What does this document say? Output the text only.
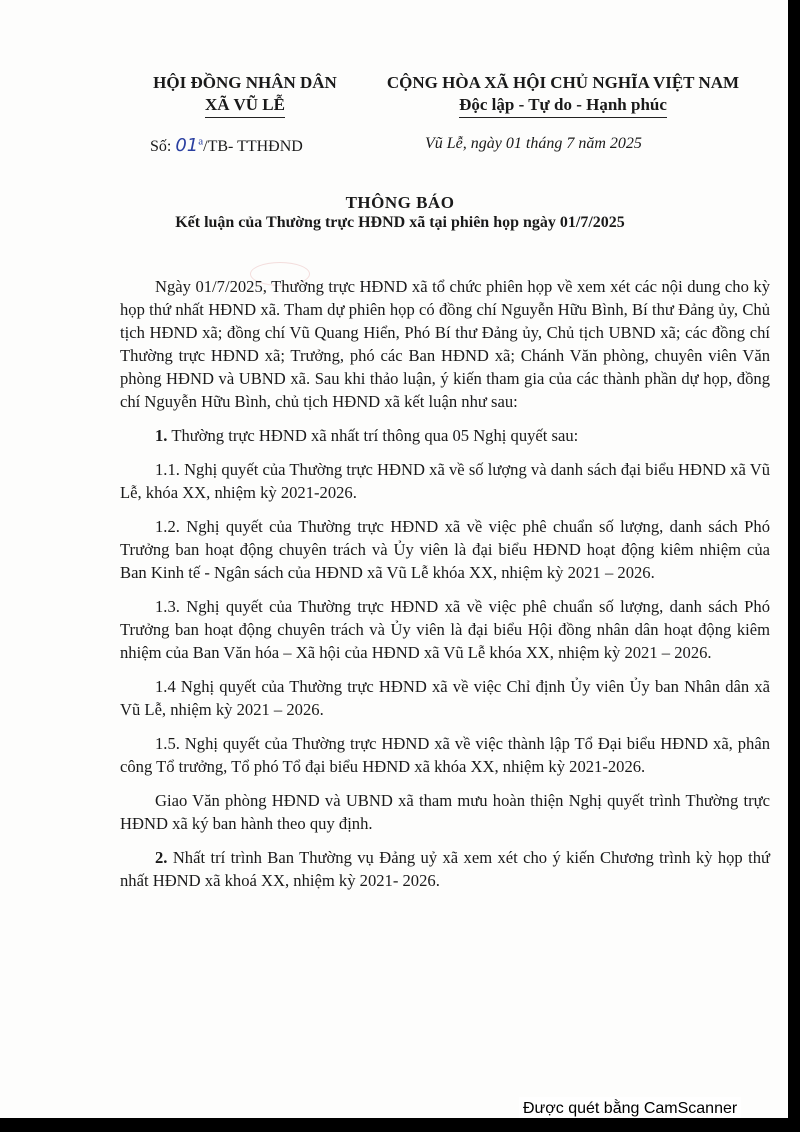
HỘI ĐỒNG NHÂN DÂN
XÃ VŨ LỄ
CỘNG HÒA XÃ HỘI CHỦ NGHĨA VIỆT NAM
Độc lập - Tự do - Hạnh phúc
Số: 01$^a$/TB- TTHĐND	Vũ Lễ, ngày 01 tháng 7 năm 2025
THÔNG BÁO
Kết luận của Thường trực HĐND xã tại phiên họp ngày 01/7/2025

Ngày 01/7/2025, Thường trực HĐND xã tổ chức phiên họp về xem xét các nội dung cho kỳ họp thứ nhất HĐND xã. Tham dự phiên họp có đồng chí Nguyễn Hữu Bình, Bí thư Đảng ủy, Chủ tịch HĐND xã; đồng chí Vũ Quang Hiển, Phó Bí thư Đảng ủy, Chủ tịch UBND xã; các đồng chí Thường trực HĐND xã; Trưởng, phó các Ban HĐND xã; Chánh Văn phòng, chuyên viên Văn phòng HĐND và UBND xã. Sau khi thảo luận, ý kiến tham gia của các thành phần dự họp, đồng chí Nguyễn Hữu Bình, chủ tịch HĐND xã kết luận như sau:

1. Thường trực HĐND xã nhất trí thông qua 05 Nghị quyết sau:

1.1. Nghị quyết của Thường trực HĐND xã về số lượng và danh sách đại biểu HĐND xã Vũ Lễ, khóa XX, nhiệm kỳ 2021-2026.

1.2. Nghị quyết của Thường trực HĐND xã về việc phê chuẩn số lượng, danh sách Phó Trưởng ban hoạt động chuyên trách và Ủy viên là đại biểu HĐND hoạt động kiêm nhiệm của Ban Kinh tế - Ngân sách của HĐND xã Vũ Lễ khóa XX, nhiệm kỳ 2021 – 2026.

1.3. Nghị quyết của Thường trực HĐND xã về việc phê chuẩn số lượng, danh sách Phó Trưởng ban hoạt động chuyên trách và Ủy viên là đại biểu Hội đồng nhân dân hoạt động kiêm nhiệm của Ban Văn hóa – Xã hội của HĐND xã Vũ Lễ khóa XX, nhiệm kỳ 2021 – 2026.

1.4 Nghị quyết của Thường trực HĐND xã về việc Chỉ định Ủy viên Ủy ban Nhân dân xã Vũ Lễ, nhiệm kỳ 2021 – 2026.

1.5. Nghị quyết của Thường trực HĐND xã về việc thành lập Tổ Đại biểu HĐND xã, phân công Tổ trưởng, Tổ phó Tổ đại biểu HĐND xã khóa XX, nhiệm kỳ 2021-2026.

Giao Văn phòng HĐND và UBND xã tham mưu hoàn thiện Nghị quyết trình Thường trực HĐND xã ký ban hành theo quy định.

2. Nhất trí trình Ban Thường vụ Đảng uỷ xã xem xét cho ý kiến Chương trình kỳ họp thứ nhất HĐND xã khoá XX, nhiệm kỳ 2021- 2026.

Được quét bằng CamScanner
